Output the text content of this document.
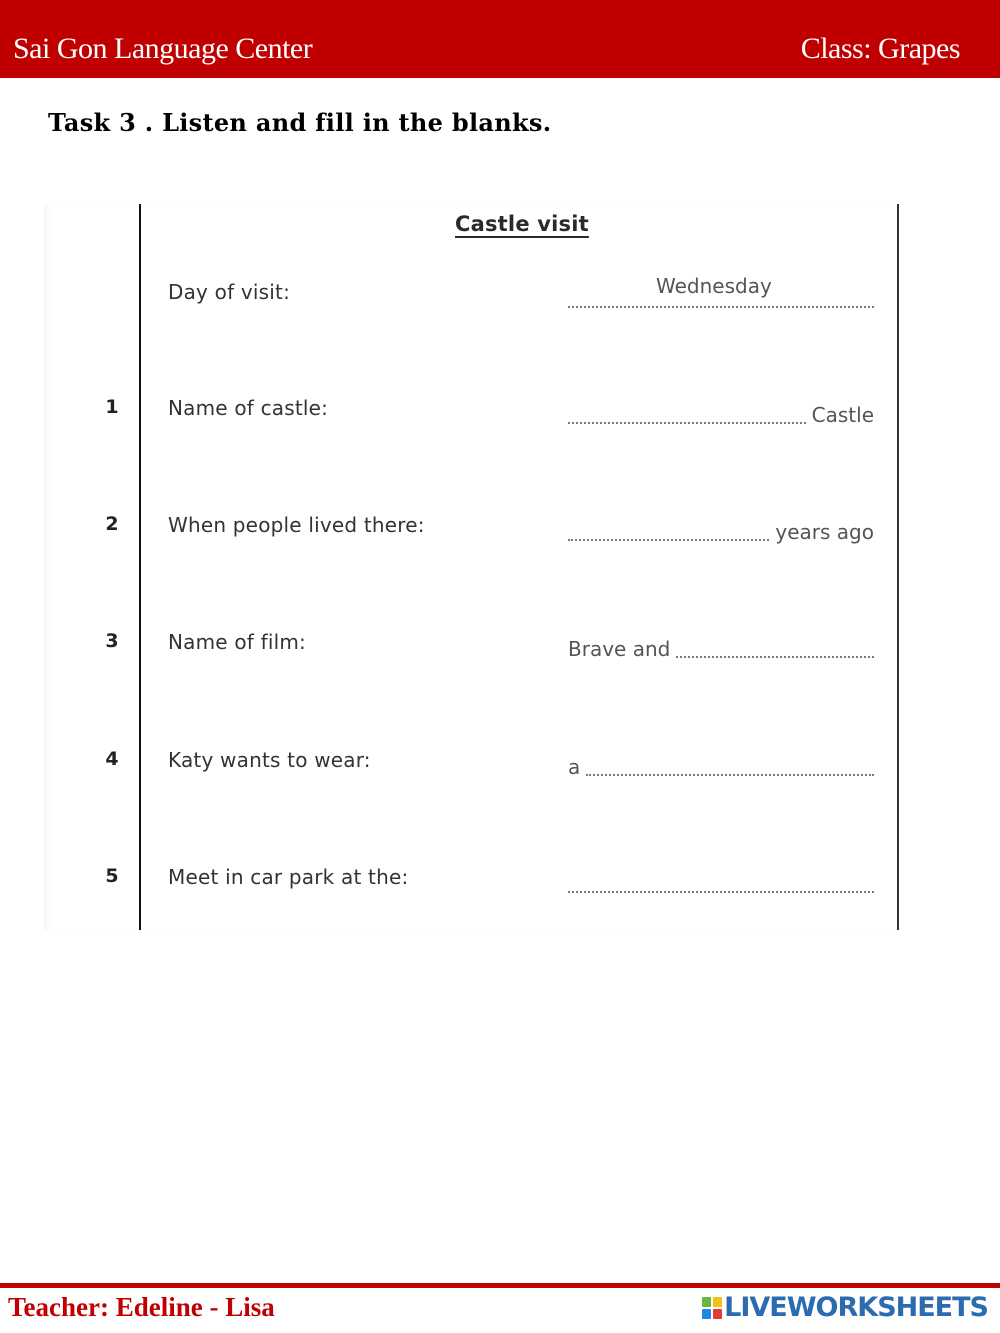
Sai Gon Language Center	Class: Grapes
Task 3 . Listen and fill in the blanks.
Castle visit
Day of visit:	Wednesday
1 Name of castle:	Castle
2 When people lived there:	years ago
3 Name of film:	Brave and
4 Katy wants to wear:	a
5 Meet in car park at the:
Teacher: Edeline - Lisa	LIVEWORKSHEETS
